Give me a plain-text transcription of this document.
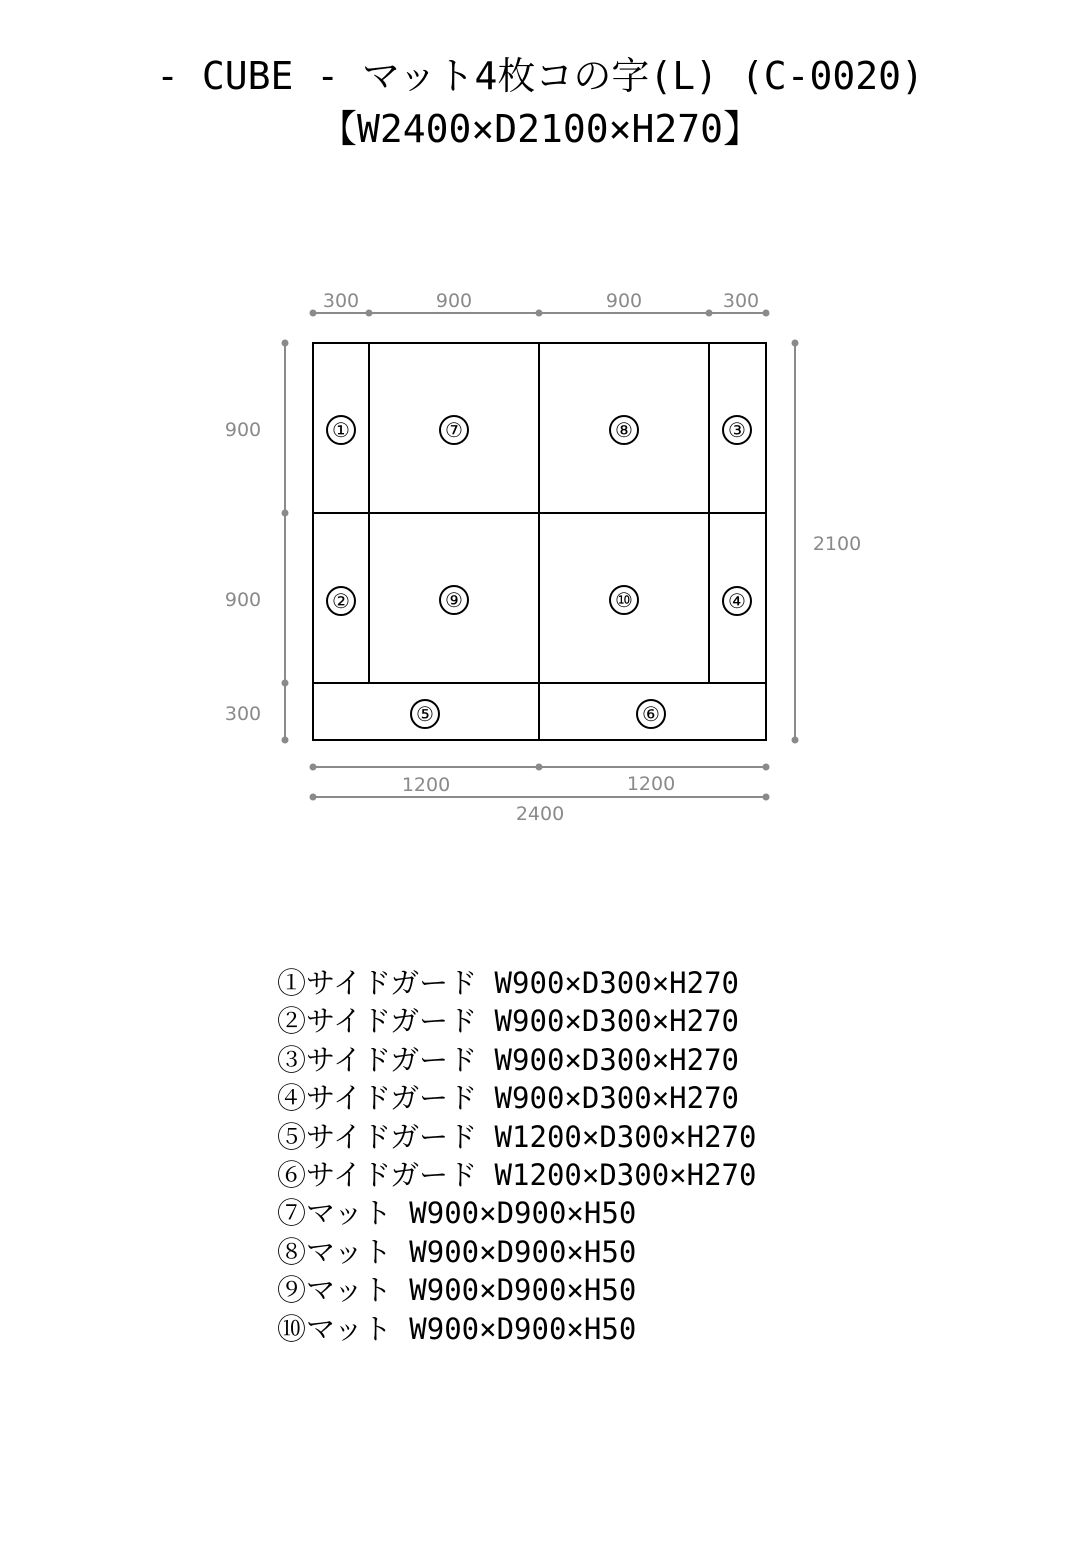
- CUBE - マット4枚コの字(L) (C-0020)
【W2400×D2100×H270】
300	900	900	300
900
900
300
2100
1200	1200
2400
①
②
③
④
⑤	⑥
⑦	⑧
⑨	⑩
①サイドガード W900×D300×H270
②サイドガード W900×D300×H270
③サイドガード W900×D300×H270
④サイドガード W900×D300×H270
⑤サイドガード W1200×D300×H270
⑥サイドガード W1200×D300×H270
⑦マット W900×D900×H50
⑧マット W900×D900×H50
⑨マット W900×D900×H50
⑩マット W900×D900×H50
